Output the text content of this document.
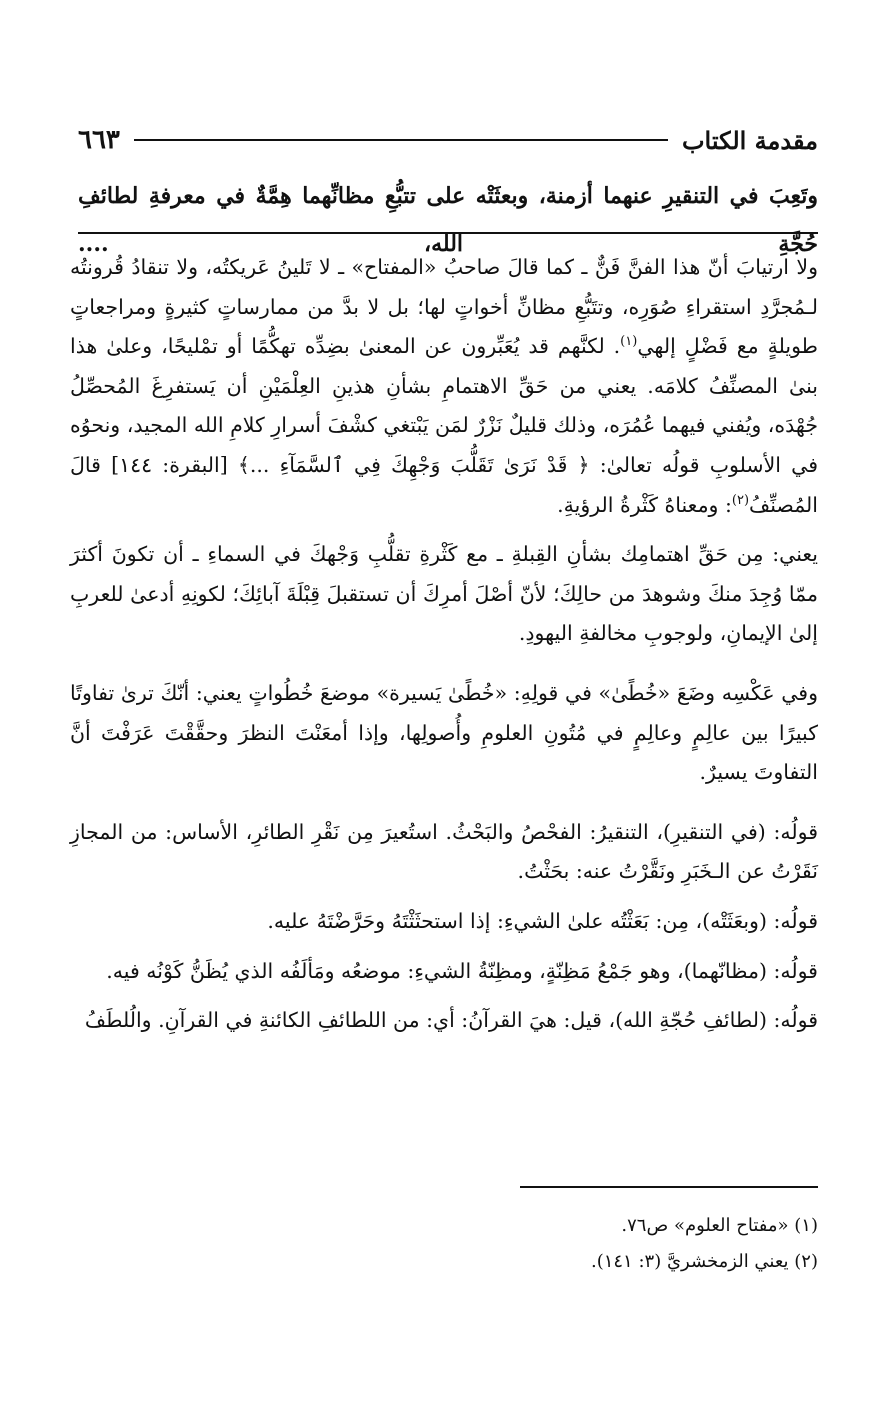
مقدمة الكتاب
٦٦٣
وتَعِبَ في التنقيرِ عنهما أزمنة، وبعثَتْه على تتبُّعِ مظانِّهما هِمَّةٌ في معرفةِ لطائفِ حُجَّةِ الله، ....

ولا ارتيابَ أنّ هذا الفنَّ فَنٌّ ـ كما قالَ صاحبُ «المفتاح» ـ لا تَلينُ عَريكتُه، ولا تنقادُ قُرونتُه لـمُجرَّدِ استقراءِ صُوَرِه، وتتَبُّعِ مظانِّ أخواتٍ لها؛ بل لا بدَّ من ممارساتٍ كثيرةٍ ومراجعاتٍ طويلةٍ مع فَضْلٍ إلهي$^{(١)}$. لكنَّهم قد يُعَبِّرون عن المعنىٰ بضِدِّه تهكُّمًا أو تمْليحًا، وعلىٰ هذا بنىٰ المصنِّفُ كلامَه. يعني من حَقِّ الاهتمامِ بشأنِ هذينِ العِلْمَيْنِ أن يَستفرِغَ المُحصِّلُ جُهْدَه، ويُفني فيهما عُمُرَه، وذلك قليلٌ نَزْرٌ لمَن يَبْتغي كشْفَ أسرارِ كلامِ الله المجيد، ونحوُه في الأسلوبِ قولُه تعالىٰ: ﴿ قَدْ نَرَىٰ تَقَلُّبَ وَجْهِكَ فِي ٱلسَّمَآءِ ...﴾ [البقرة: ١٤٤] قالَ المُصنِّفُ$^{(٢)}$: ومعناهُ كَثْرةُ الرؤيةِ.

يعني: مِن حَقِّ اهتمامِك بشأنِ القِبلةِ ـ مع كَثْرةِ تقلُّبِ وَجْهكَ في السماءِ ـ أن تكونَ أكثرَ ممّا وُجِدَ منكَ وشوهدَ من حالِكَ؛ لأنّ أصْلَ أمرِكَ أن تستقبلَ قِبْلَةَ آبائِكَ؛ لكونِهِ أدعىٰ للعربِ إلىٰ الإيمانِ، ولوجوبِ مخالفةِ اليهودِ.

وفي عَكْسِه وضَعَ «خُطًىٰ» في قولِهِ: «خُطًىٰ يَسيرة» موضعَ خُطُواتٍ يعني: أنّكَ ترىٰ تفاوتًا كبيرًا بين عالِمٍ وعالِمٍ في مُتُونِ العلومِ وأُصولِها، وإذا أمعَنْتَ النظرَ وحقَّقْتَ عَرَفْتَ أنَّ التفاوتَ يسيرٌ.

قولُه: (في التنقيرِ)، التنقيرُ: الفحْصُ والبَحْثُ. استُعيرَ مِن نَقْرِ الطائرِ، الأساس: من المجازِ نَقَرْتُ عن الـخَبَرِ ونَقَّرْتُ عنه: بحَثْتُ.

قولُه: (وبعَثَتْه)، مِن: بَعَثْتُه علىٰ الشيءِ: إذا استحثَثْتَهُ وحَرَّضْتَهُ عليه.

قولُه: (مظانّهما)، وهو جَمْعُ مَظِنّةٍ، ومظِنّةُ الشيءِ: موضعُه ومَألَفُه الذي يُظَنُّ كَوْنُه فيه.

قولُه: (لطائفِ حُجّةِ الله)، قيل: هيَ القرآنُ: أي: من اللطائفِ الكائنةِ في القرآنِ. والُلطَفُ

(١) «مفتاح العلوم» ص٧٦.
(٢) يعني الزمخشريَّ (٣: ١٤١).
